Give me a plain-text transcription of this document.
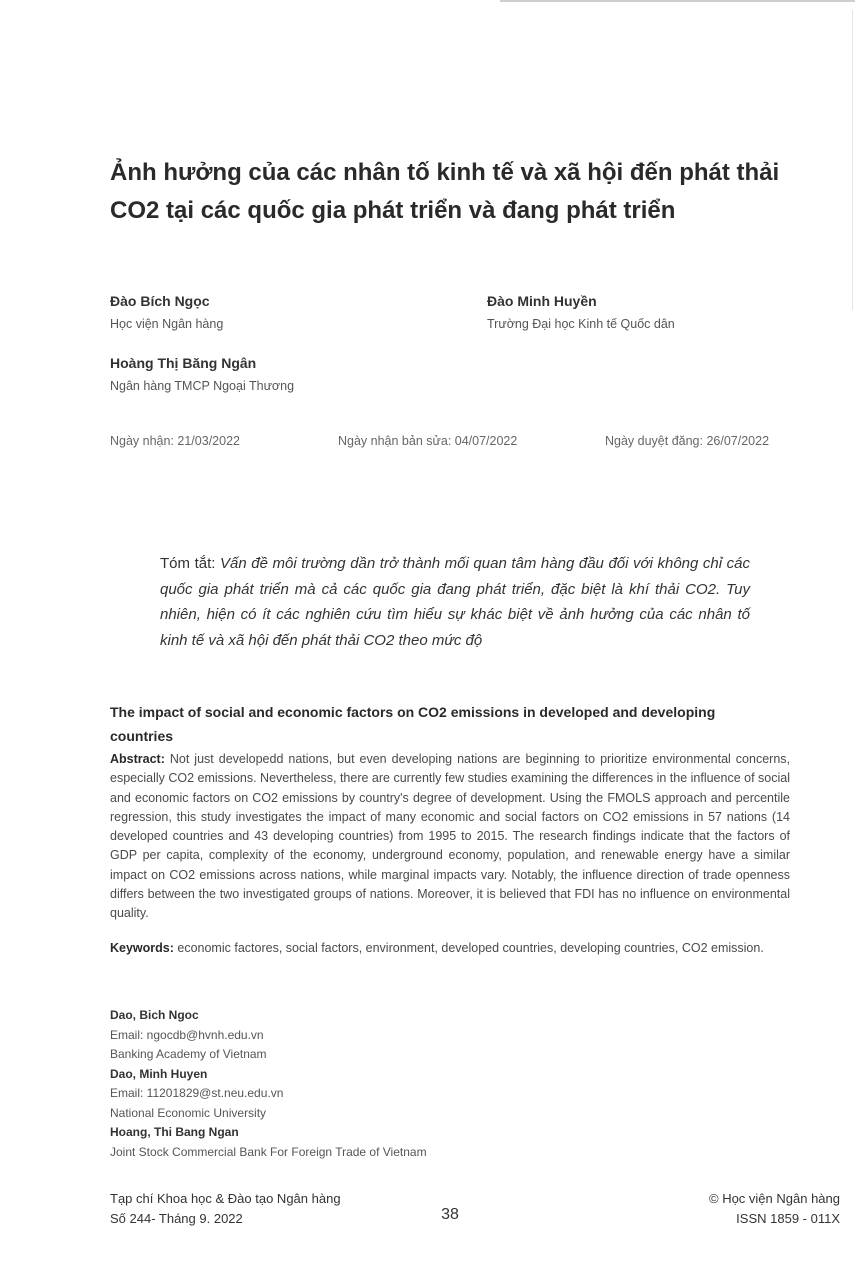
Ảnh hưởng của các nhân tố kinh tế và xã hội đến phát thải
CO2 tại các quốc gia phát triển và đang phát triển
Đào Bích Ngọc
Học viện Ngân hàng
Đào Minh Huyền
Trường Đại học Kinh tế Quốc dân
Hoàng Thị Băng Ngân
Ngân hàng TMCP Ngoại Thương
Ngày nhận: 21/03/2022	Ngày nhận bản sửa: 04/07/2022	Ngày duyệt đăng: 26/07/2022
Tóm tắt: Vấn đề môi trường dần trở thành mối quan tâm hàng đầu đối với không chỉ các quốc gia phát triển mà cả các quốc gia đang phát triển, đặc biệt là khí thải CO2. Tuy nhiên, hiện có ít các nghiên cứu tìm hiểu sự khác biệt về ảnh hưởng của các nhân tố kinh tế và xã hội đến phát thải CO2 theo mức độ
The impact of social and economic factors on CO2 emissions in developed and developing countries
Abstract: Not just developedd nations, but even developing nations are beginning to prioritize environmental concerns, especially CO2 emissions. Nevertheless, there are currently few studies examining the differences in the influence of social and economic factors on CO2 emissions by country's degree of development. Using the FMOLS approach and percentile regression, this study investigates the impact of many economic and social factors on CO2 emissions in 57 nations (14 developed countries and 43 developing countries) from 1995 to 2015. The research findings indicate that the factors of GDP per capita, complexity of the economy, underground economy, population, and renewable energy have a similar impact on CO2 emissions across nations, while marginal impacts vary. Notably, the influence direction of trade openness differs between the two investigated groups of nations. Moreover, it is believed that FDI has no influence on environmental quality.
Keywords: economic factores, social factors, environment, developed countries, developing countries, CO2 emission.
Dao, Bich Ngoc
Email: ngocdb@hvnh.edu.vn
Banking Academy of Vietnam
Dao, Minh Huyen
Email: 11201829@st.neu.edu.vn
National Economic University
Hoang, Thi Bang Ngan
Joint Stock Commercial Bank For Foreign Trade of Vietnam
Tạp chí Khoa học & Đào tạo Ngân hàng
Số 244- Tháng 9. 2022	38
© Học viện Ngân hàng
ISSN 1859 - 011X
